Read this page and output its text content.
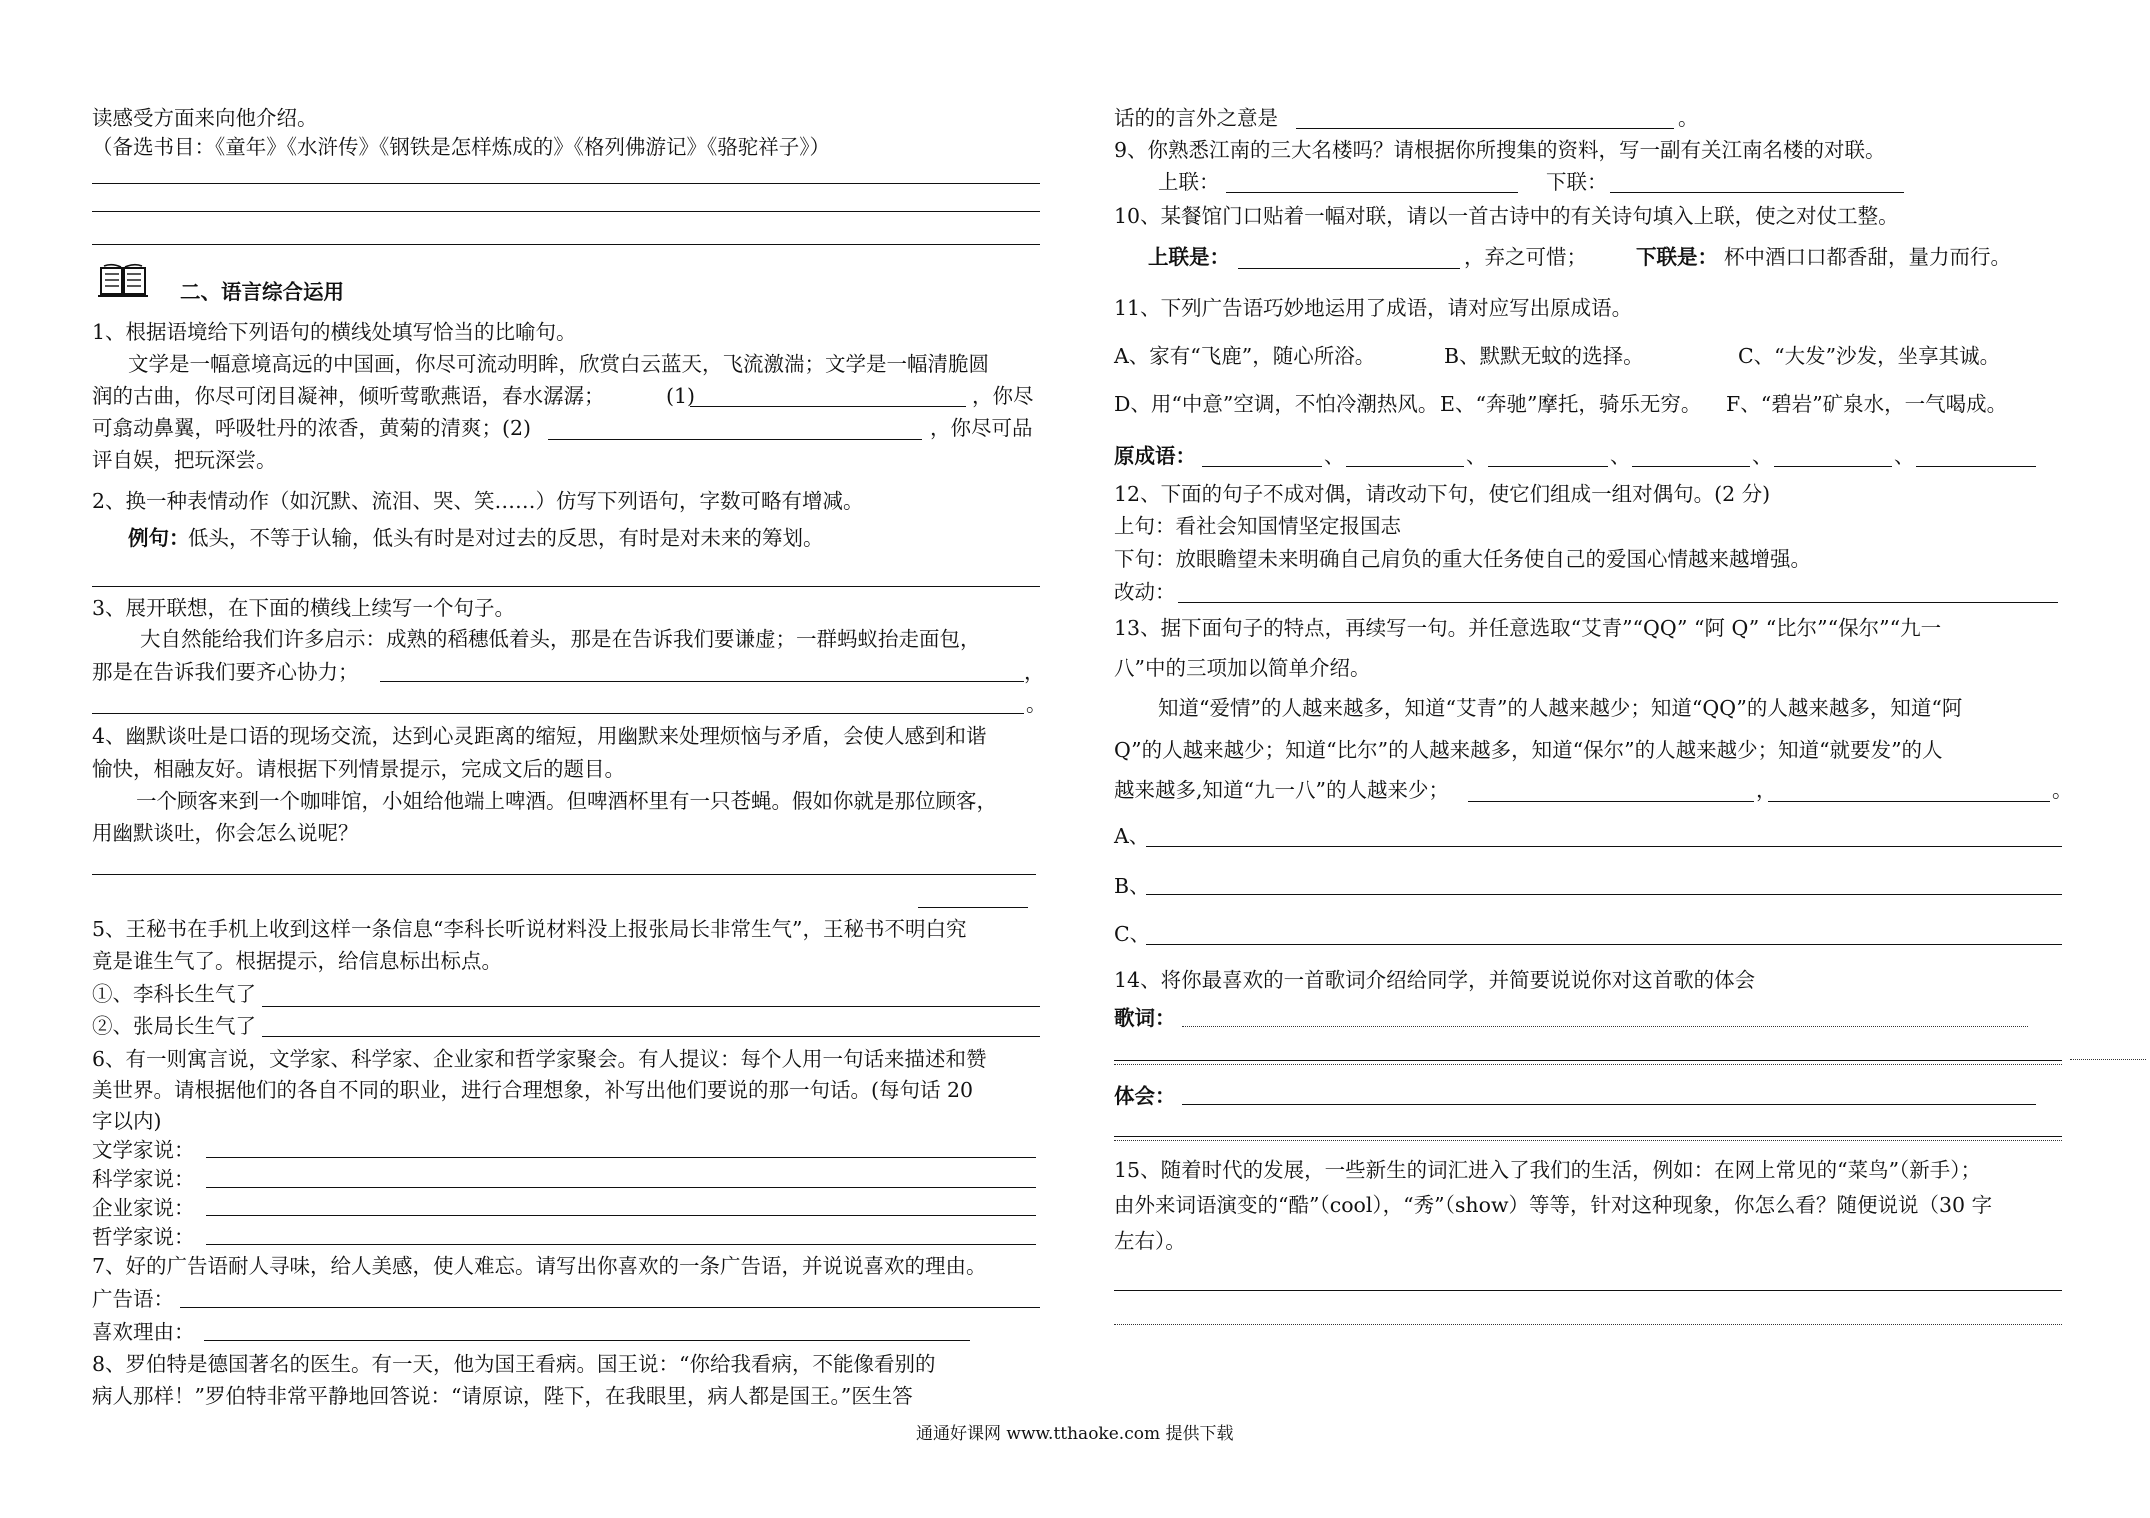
读感受方面来向他介绍。
（备选书目：《童年》《水浒传》《钢铁是怎样炼成的》《格列佛游记》《骆驼祥子》）
二、语言综合运用
1、根据语境给下列语句的横线处填写恰当的比喻句。
文学是一幅意境高远的中国画，你尽可流动明眸，欣赏白云蓝天，飞流激湍；文学是一幅清脆圆
润的古曲，你尽可闭目凝神，倾听莺歌燕语，春水潺潺；	(1)	，你尽
可翕动鼻翼，呼吸牡丹的浓香，黄菊的清爽；(2)	，你尽可品
评自娱，把玩深尝。
2、换一种表情动作（如沉默、流泪、哭、笑……）仿写下列语句，字数可略有增减。
例句：
低头，不等于认输，低头有时是对过去的反思，有时是对未来的筹划。
3、展开联想，在下面的横线上续写一个句子。
大自然能给我们许多启示：成熟的稻穗低着头，那是在告诉我们要谦虚；一群蚂蚁抬走面包，
那是在告诉我们要齐心协力；	，
。
4、幽默谈吐是口语的现场交流，达到心灵距离的缩短，用幽默来处理烦恼与矛盾，会使人感到和谐
愉快，相融友好。请根据下列情景提示，完成文后的题目。
一个顾客来到一个咖啡馆，小姐给他端上啤酒。但啤酒杯里有一只苍蝇。假如你就是那位顾客，
用幽默谈吐，你会怎么说呢？
5、王秘书在手机上收到这样一条信息“李科长听说材料没上报张局长非常生气”，王秘书不明白究
竟是谁生气了。根据提示，给信息标出标点。
①、李科长生气了
②、张局长生气了
6、有一则寓言说，文学家、科学家、企业家和哲学家聚会。有人提议：每个人用一句话来描述和赞
美世界。请根据他们的各自不同的职业，进行合理想象，补写出他们要说的那一句话。(每句话 20
字以内)
文学家说：
科学家说：
企业家说：
哲学家说：
7、好的广告语耐人寻味，给人美感，使人难忘。请写出你喜欢的一条广告语，并说说喜欢的理由。
广告语：
喜欢理由：
8、罗伯特是德国著名的医生。有一天，他为国王看病。国王说：“你给我看病，不能像看别的
病人那样！”罗伯特非常平静地回答说：“请原谅，陛下，在我眼里，病人都是国王。”医生答
话的的言外之意是	。
9、你熟悉江南的三大名楼吗？请根据你所搜集的资料，写一副有关江南名楼的对联。
上联：	下联：
10、某餐馆门口贴着一幅对联，请以一首古诗中的有关诗句填入上联，使之对仗工整。
上联是：	，弃之可惜； 下联是： 杯中酒口口都香甜，量力而行。
11、下列广告语巧妙地运用了成语，请对应写出原成语。
A、家有“飞鹿”，随心所浴。	B、默默无蚊的选择。	C、“大发”沙发，坐享其诚。
D、用“中意”空调，不怕冷潮热风。 E、“奔驰”摩托，骑乐无穷。 F、“碧岩”矿泉水，一气喝成。
原成语：	、	、	、	、	、
12、下面的句子不成对偶，请改动下句，使它们组成一组对偶句。(2 分)
上句：看社会知国情坚定报国志
下句：放眼瞻望未来明确自己肩负的重大任务使自己的爱国心情越来越增强。
改动：
13、据下面句子的特点，再续写一句。并任意选取“艾青”“QQ” “阿 Q” “比尔”“保尔”“九一
八”中的三项加以简单介绍。
知道“爱情”的人越来越多，知道“艾青”的人越来越少；知道“QQ”的人越来越多，知道“阿
Q”的人越来越少；知道“比尔”的人越来越多，知道“保尔”的人越来越少；知道“就要发”的人
越来越多,知道“九一八”的人越来少；	，	。
A、
B、
C、
14、将你最喜欢的一首歌词介绍给同学，并简要说说你对这首歌的体会
歌词：
体会：
15、随着时代的发展，一些新生的词汇进入了我们的生活，例如：在网上常见的“菜鸟”（新手）；
由外来词语演变的“酷”（cool），“秀”（show）等等，针对这种现象，你怎么看？随便说说（30 字
左右）。
通通好课网 www.tthaoke.com 提供下载
